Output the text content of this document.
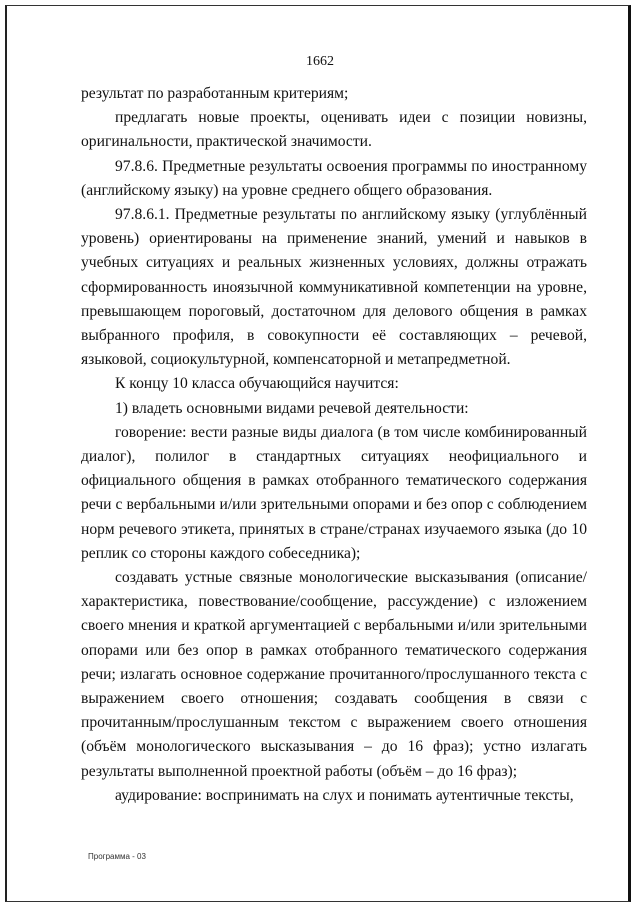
1662

результат по разработанным критериям;

предлагать новые проекты, оценивать идеи с позиции новизны, оригинальности, практической значимости.

97.8.6. Предметные результаты освоения программы по иностранному (английскому языку) на уровне среднего общего образования.

97.8.6.1. Предметные результаты по английскому языку (углублённый уровень) ориентированы на применение знаний, умений и навыков в учебных ситуациях и реальных жизненных условиях, должны отражать сформированность иноязычной коммуникативной компетенции на уровне, превышающем пороговый, достаточном для делового общения в рамках выбранного профиля, в совокупности её составляющих – речевой, языковой, социокультурной, компенсаторной и метапредметной.

К концу 10 класса обучающийся научится:

1) владеть основными видами речевой деятельности:

говорение: вести разные виды диалога (в том числе комбинированный диалог), полилог в стандартных ситуациях неофициального и официального общения в рамках отобранного тематического содержания речи с вербальными и/или зрительными опорами и без опор с соблюдением норм речевого этикета, принятых в стране/странах изучаемого языка (до 10 реплик со стороны каждого собеседника);

создавать устные связные монологические высказывания (описание/характеристика, повествование/сообщение, рассуждение) с изложением своего мнения и краткой аргументацией с вербальными и/или зрительными опорами или без опор в рамках отобранного тематического содержания речи; излагать основное содержание прочитанного/прослушанного текста с выражением своего отношения; создавать сообщения в связи с прочитанным/прослушанным текстом с выражением своего отношения (объём монологического высказывания – до 16 фраз); устно излагать результаты выполненной проектной работы (объём – до 16 фраз);

аудирование: воспринимать на слух и понимать аутентичные тексты,

Программа - 03
